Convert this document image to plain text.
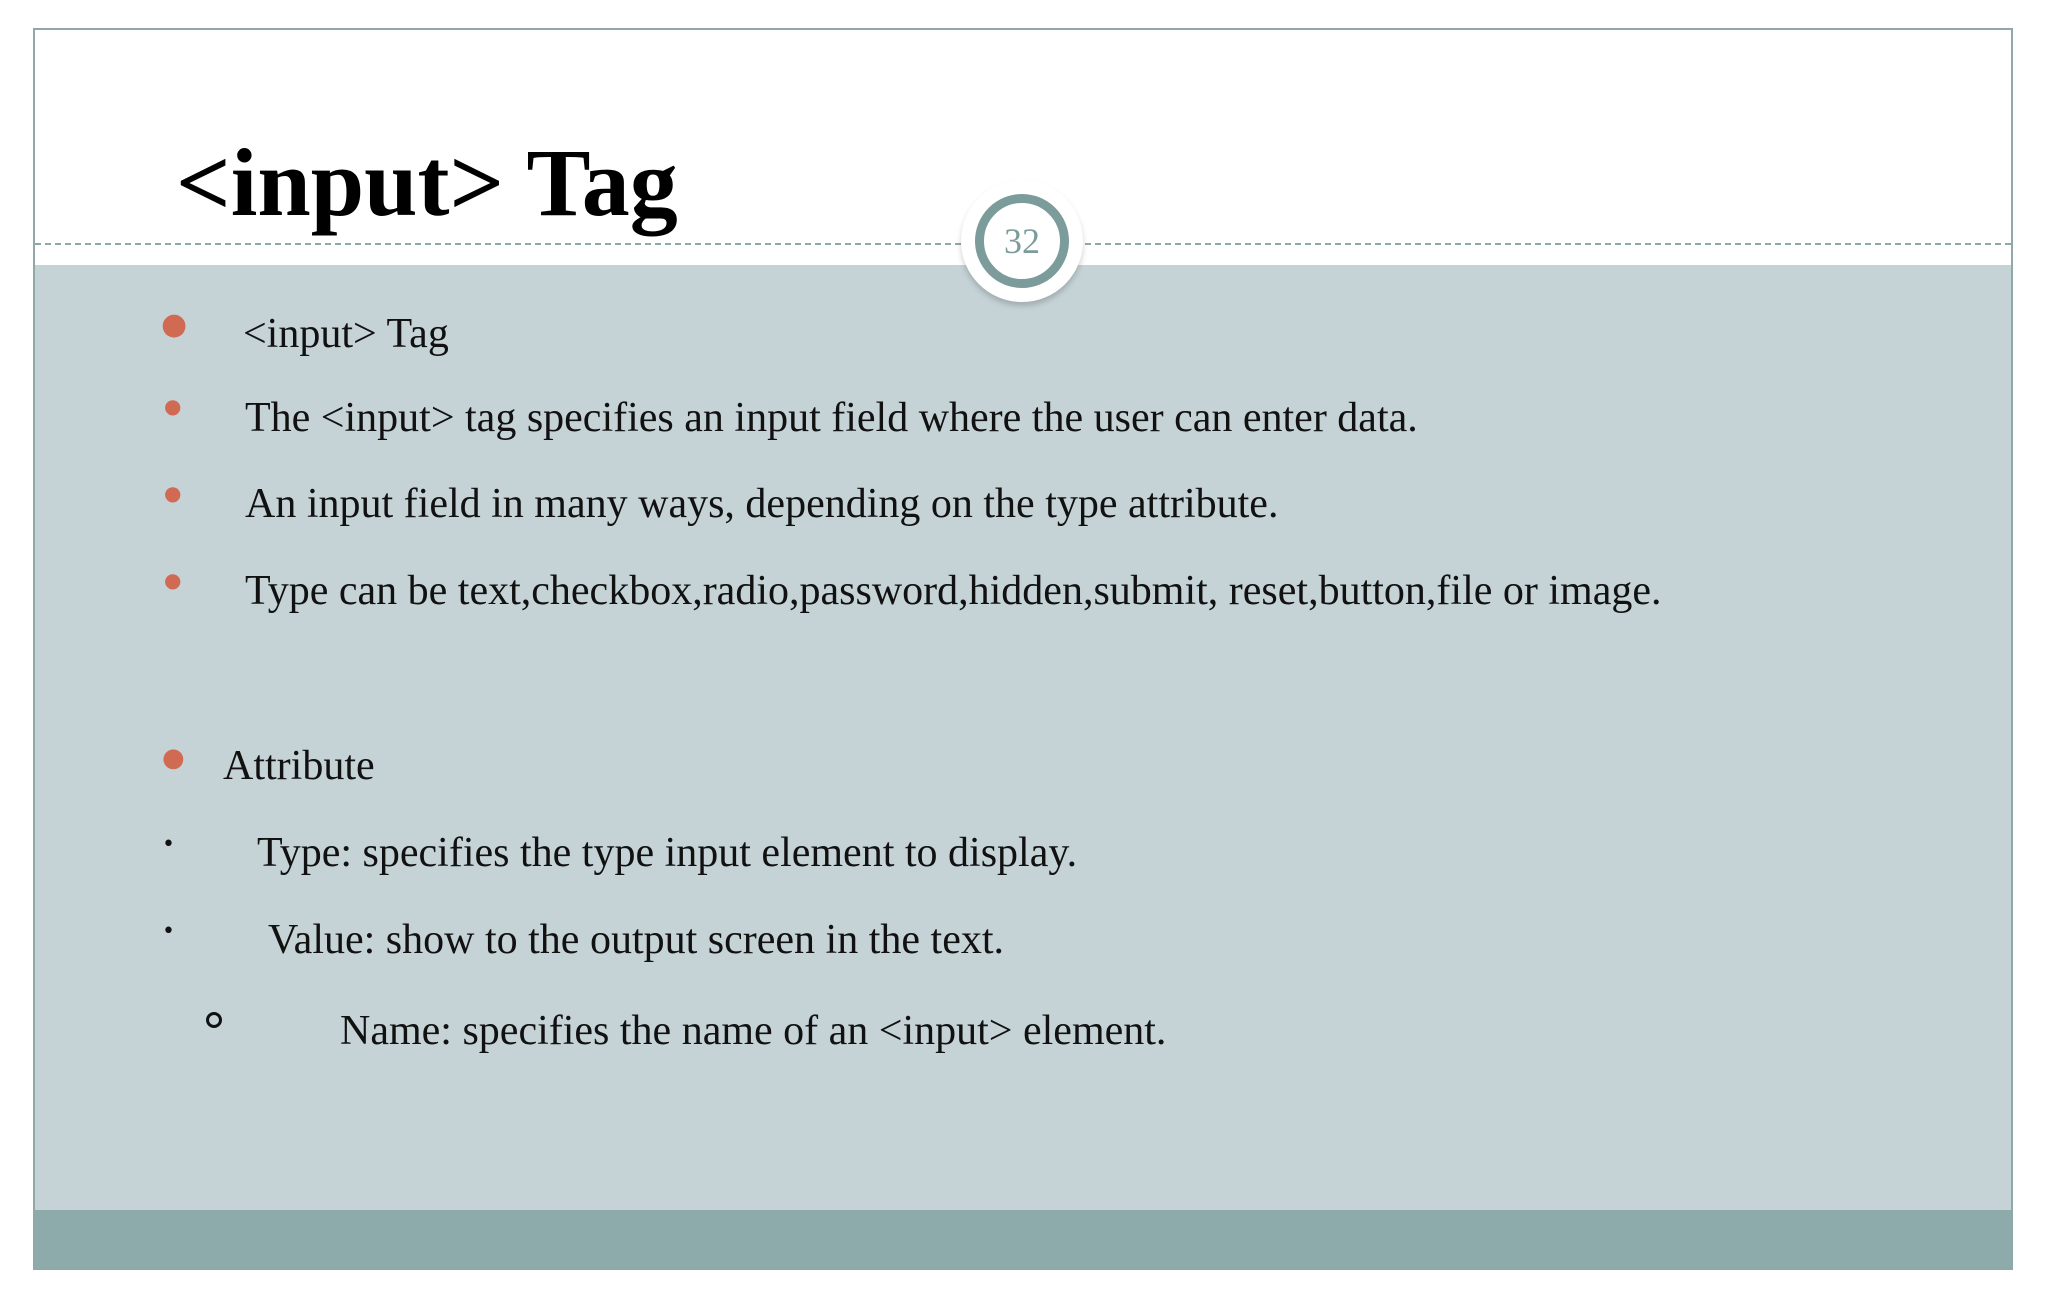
<input> Tag
● <input> Tag
● The <input> tag specifies an input field where the user can enter data.
● An input field in many ways, depending on the type attribute.
● Type can be text,checkbox,radio,password,hidden,submit, reset,button,file or image.
● Attribute
• Type: specifies the type input element to display.
• Value: show to the output screen in the text.
Name: specifies the name of an <input> element.
32
